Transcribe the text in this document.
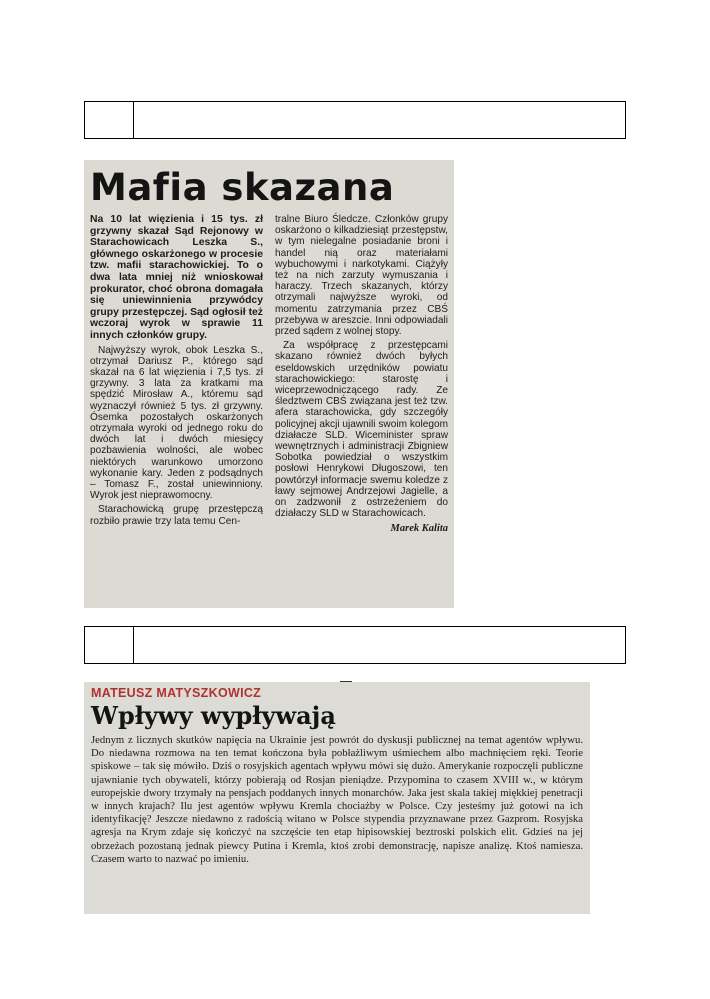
Mafia skazana

Na 10 lat więzienia i 15 tys. zł grzywny skazał Sąd Rejonowy w Starachowicach Leszka S., głównego oskarżonego w procesie tzw. mafii starachowickiej. To o dwa lata mniej niż wnioskował prokurator, choć obrona domagała się uniewinnienia przywódcy grupy przestępczej. Sąd ogłosił też wczoraj wyrok w sprawie 11 innych członków grupy.

Najwyższy wyrok, obok Leszka S., otrzymał Dariusz P., którego sąd skazał na 6 lat więzienia i 7,5 tys. zł grzywny. 3 lata za kratkami ma spędzić Mirosław A., któremu sąd wyznaczył również 5 tys. zł grzywny. Ósemka pozostałych oskarżonych otrzymała wyroki od jednego roku do dwóch lat i dwóch miesięcy pozbawienia wolności, ale wobec niektórych warunkowo umorzono wykonanie kary. Jeden z podsądnych – Tomasz F., został uniewinniony. Wyrok jest nieprawomocny.

Starachowicką grupę przestępczą rozbiło prawie trzy lata temu Cen-

tralne Biuro Śledcze. Członków grupy oskarżono o kilkadziesiąt przestępstw, w tym nielegalne posiadanie broni i handel nią oraz materiałami wybuchowymi i narkotykami. Ciążyły też na nich zarzuty wymuszania i haraczy. Trzech skazanych, którzy otrzymali najwyższe wyroki, od momentu zatrzymania przez CBŚ przebywa w areszcie. Inni odpowiadali przed sądem z wolnej stopy.

Za współpracę z przestępcami skazano również dwóch byłych eseldowskich urzędników powiatu starachowickiego: starostę i wiceprzewodniczącego rady. Ze śledztwem CBŚ związana jest też tzw. afera starachowicka, gdy szczegóły policyjnej akcji ujawnili swoim kolegom działacze SLD. Wiceminister spraw wewnętrznych i administracji Zbigniew Sobotka powiedział o wszystkim posłowi Henrykowi Długoszowi, ten powtórzył informacje swemu koledze z ławy sejmowej Andrzejowi Jagielle, a on zadzwonił z ostrzeżeniem do działaczy SLD w Starachowicach.

Marek Kalita
MATEUSZ MATYSZKOWICZ
Wpływy wypływają
Jednym z licznych skutków napięcia na Ukrainie jest powrót do dyskusji publicznej na temat agentów wpływu. Do niedawna rozmowa na ten temat kończona była pobłażliwym uśmiechem albo machnięciem ręki. Teorie spiskowe – tak się mówiło. Dziś o rosyjskich agentach wpływu mówi się dużo. Amerykanie rozpoczęli publiczne ujawnianie tych obywateli, którzy pobierają od Rosjan pieniądze. Przypomina to czasem XVIII w., w którym europejskie dwory trzymały na pensjach poddanych innych monarchów. Jaka jest skala takiej miękkiej penetracji w innych krajach? Ilu jest agentów wpływu Kremla chociażby w Polsce. Czy jesteśmy już gotowi na ich identyfikację? Jeszcze niedawno z radością witano w Polsce stypendia przyznawane przez Gazprom. Rosyjska agresja na Krym zdaje się kończyć na szczęście ten etap hipisowskiej beztroski polskich elit. Gdzieś na jej obrzeżach pozostaną jednak piewcy Putina i Kremla, ktoś zrobi demonstrację, napisze analizę. Ktoś namiesza. Czasem warto to nazwać po imieniu.
